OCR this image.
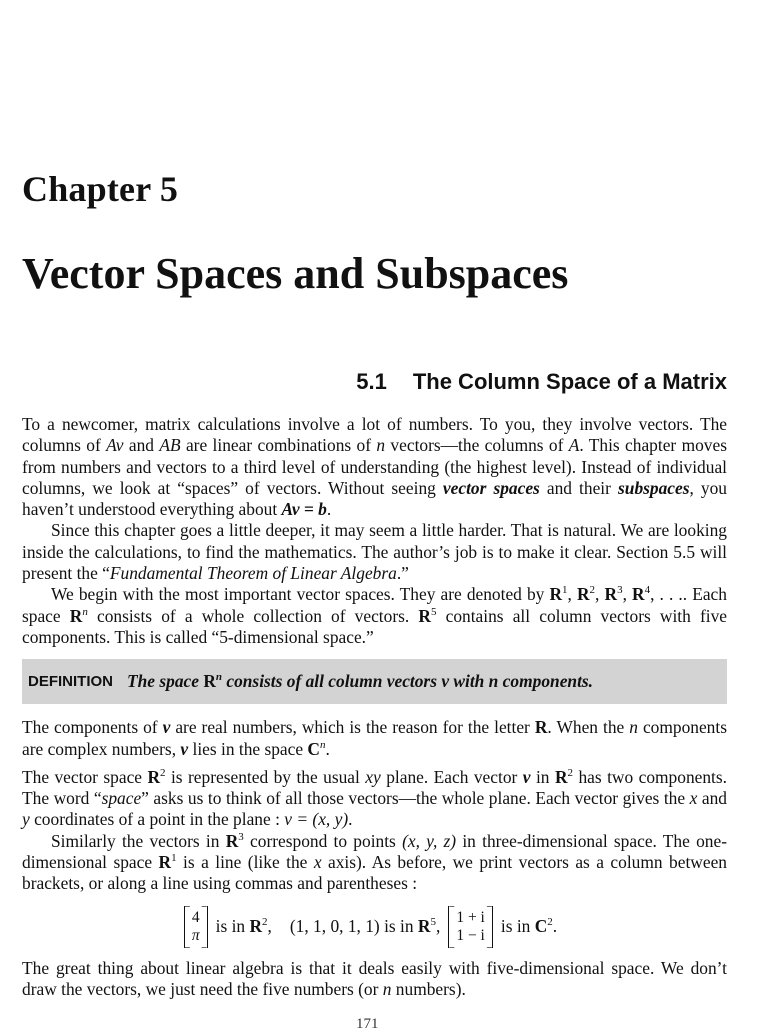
Chapter 5
Vector Spaces and Subspaces
5.1 The Column Space of a Matrix

To a newcomer, matrix calculations involve a lot of numbers. To you, they involve vectors. The columns of Av and AB are linear combinations of n vectors—the columns of A. This chapter moves from numbers and vectors to a third level of understanding (the highest level). Instead of individual columns, we look at “spaces” of vectors. Without seeing vector spaces and their subspaces, you haven’t understood everything about Av = b.

Since this chapter goes a little deeper, it may seem a little harder. That is natural. We are looking inside the calculations, to find the mathematics. The author’s job is to make it clear. Section 5.5 will present the “Fundamental Theorem of Linear Algebra.”

We begin with the most important vector spaces. They are denoted by $R^1$, $R^2$, $R^3$, $R^4$, . . .. Each space $R^n$ consists of a whole collection of vectors. $R^5$ contains all column vectors with five components. This is called “5-dimensional space.”

DEFINITION The space $R^n$ consists of all column vectors v with n components.

The components of v are real numbers, which is the reason for the letter R. When the n components are complex numbers, v lies in the space $C^n$.

The vector space $R^2$ is represented by the usual xy plane. Each vector v in $R^2$ has two components. The word “space” asks us to think of all those vectors—the whole plane. Each vector gives the x and y coordinates of a point in the plane : v = (x, y).

Similarly the vectors in $R^3$ correspond to points (x, y, z) in three-dimensional space. The one-dimensional space $R^1$ is a line (like the x axis). As before, we print vectors as a column between brackets, or along a line using commas and parentheses :

4
π is in $R^2$, (1, 1, 0, 1, 1) is in $R^5$, 1 + i
1 − i is in $C^2$.

The great thing about linear algebra is that it deals easily with five-dimensional space. We don’t draw the vectors, we just need the five numbers (or n numbers).

171
